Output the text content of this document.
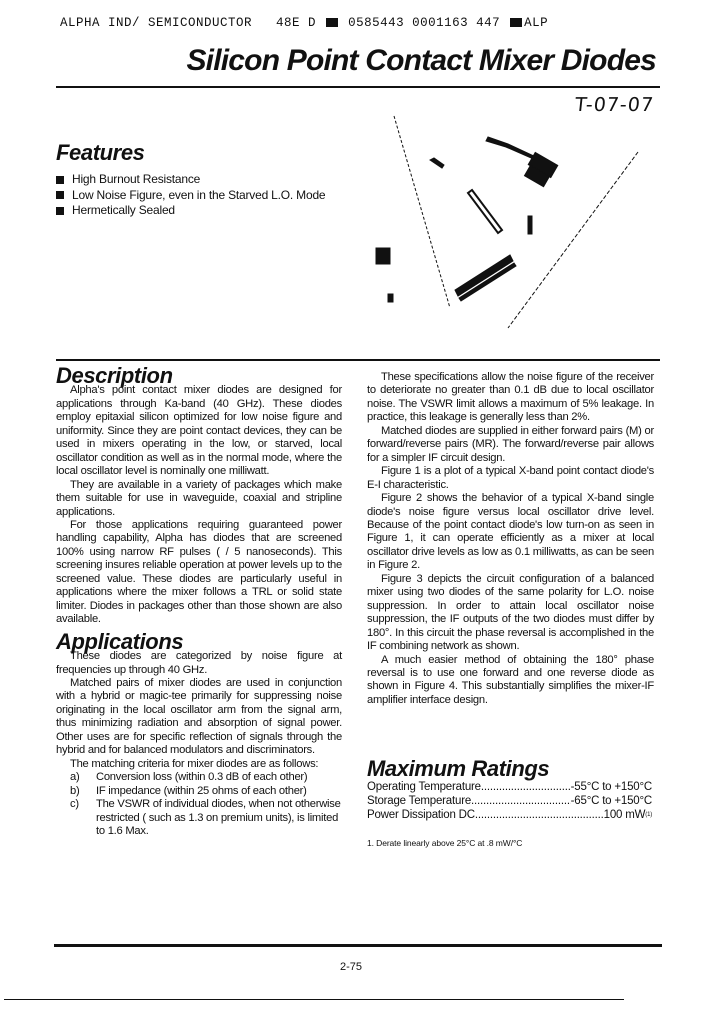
ALPHA IND/ SEMICONDUCTOR   48E D	0585443 0001163 447 ALP
Silicon Point Contact Mixer Diodes
T-07-07
Features
High Burnout Resistance
Low Noise Figure, even in the Starved L.O. Mode
Hermetically Sealed
Description

Alpha's point contact mixer diodes are designed for applications through Ka-band (40 GHz). These diodes employ epitaxial silicon optimized for low noise figure and uniformity. Since they are point contact devices, they can be used in mixers operating in the low, or starved, local oscillator condition as well as in the normal mode, where the local oscillator level is nominally one milliwatt.

They are available in a variety of packages which make them suitable for use in waveguide, coaxial and stripline applications.

For those applications requiring guaranteed power handling capability, Alpha has diodes that are screened 100% using narrow RF pulses ( / 5 nanoseconds). This screening insures reliable operation at power levels up to the screened value. These diodes are particularly useful in applications where the mixer follows a TRL or solid state limiter. Diodes in packages other than those shown are also available.

Applications

These diodes are categorized by noise figure at frequencies up through 40 GHz.

Matched pairs of mixer diodes are used in conjunction with a hybrid or magic-tee primarily for suppressing noise originating in the local oscillator arm from the signal arm, thus minimizing radiation and absorption of signal power. Other uses are for specific reflection of signals through the hybrid and for balanced modulators and discriminators.

The matching criteria for mixer diodes are as follows:

a)	Conversion loss (within 0.3 dB of each other)
b)	IF impedance (within 25 ohms of each other)
c)	The VSWR of individual diodes, when not otherwise restricted ( such as 1.3 on premium units), is limited to 1.6 Max.

These specifications allow the noise figure of the receiver to deteriorate no greater than 0.1 dB due to local oscillator noise. The VSWR limit allows a maximum of 5% leakage. In practice, this leakage is generally less than 2%.

Matched diodes are supplied in either forward pairs (M) or forward/reverse pairs (MR). The forward/reverse pair allows for a simpler IF circuit design.

Figure 1 is a plot of a typical X-band point contact diode's E-I characteristic.

Figure 2 shows the behavior of a typical X-band single diode's noise figure versus local oscillator drive level. Because of the point contact diode's low turn-on as seen in Figure 1, it can operate efficiently as a mixer at local oscillator drive levels as low as 0.1 milliwatts, as can be seen in Figure 2.

Figure 3 depicts the circuit configuration of a balanced mixer using two diodes of the same polarity for L.O. noise suppression. In order to attain local oscillator noise suppression, the IF outputs of the two diodes must differ by 180°. In this circuit the phase reversal is accomplished in the IF combining network as shown.

A much easier method of obtaining the 180° phase reversal is to use one forward and one reverse diode as shown in Figure 4. This substantially simplifies the mixer-IF amplifier interface design.

Maximum Ratings
Operating Temperature .....	-55°C to +150°C
Storage Temperature .....	-65°C to +150°C
Power Dissipation DC .....	100 mW (1)
1. Derate linearly above 25°C at .8 mW/°C
2-75
